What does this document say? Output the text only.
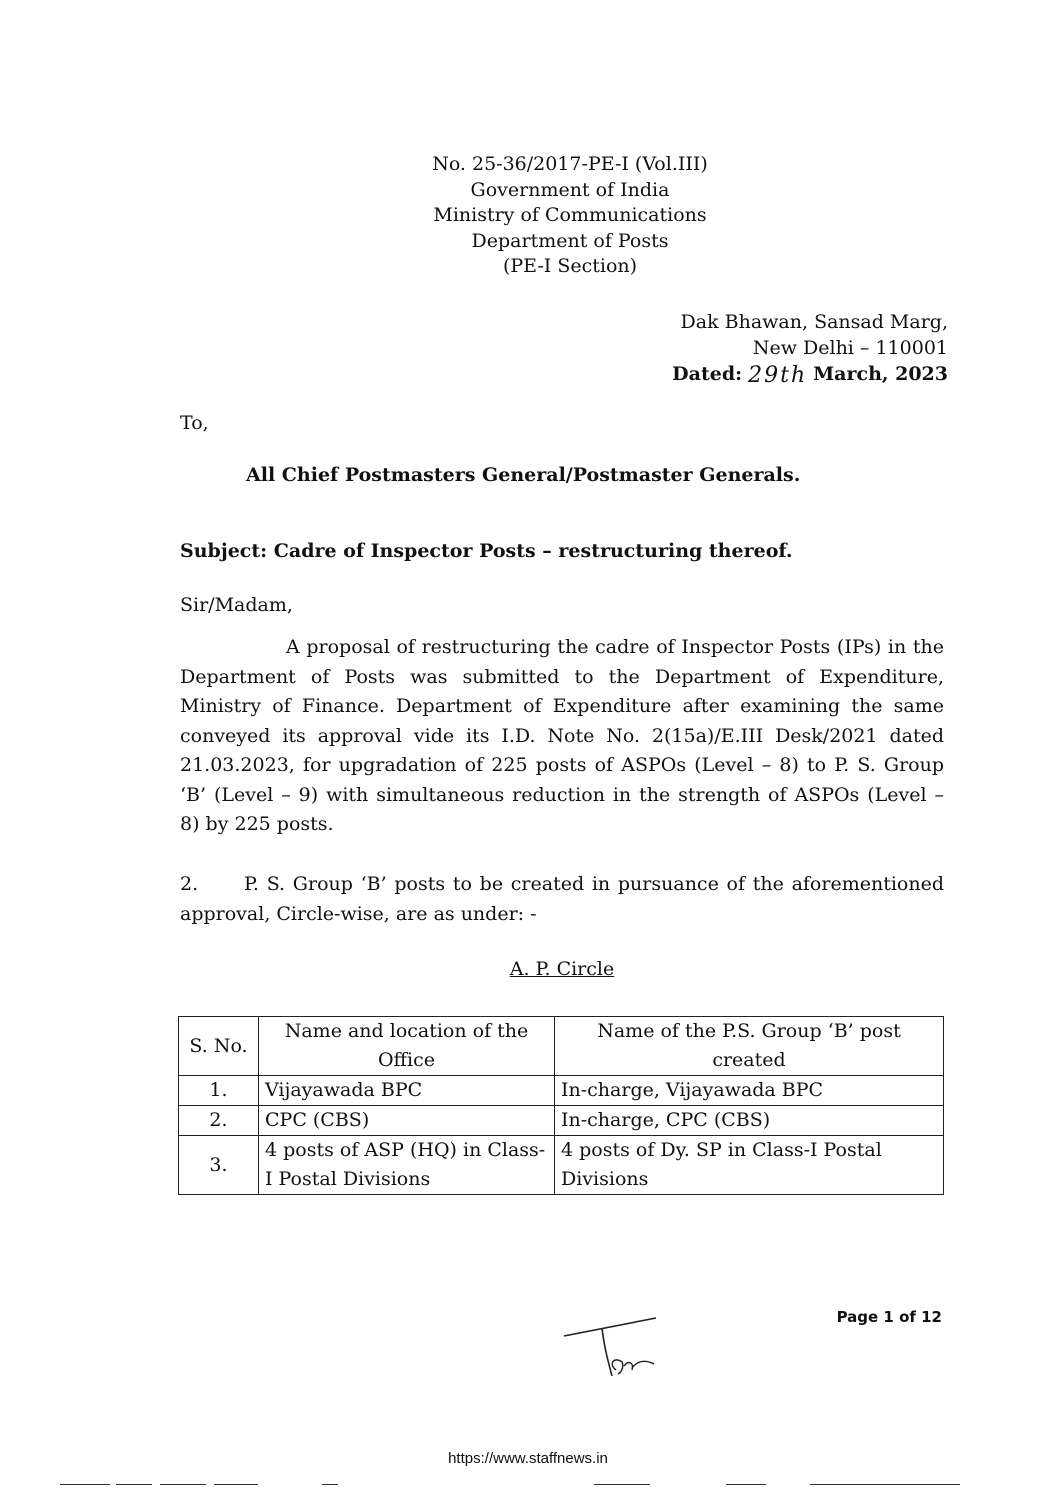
No. 25-36/2017-PE-I (Vol.III)
Government of India
Ministry of Communications
Department of Posts
(PE-I Section)
Dak Bhawan, Sansad Marg,
New Delhi – 110001
Dated: 29th March, 2023
To,
All Chief Postmasters General/Postmaster Generals.
Subject: Cadre of Inspector Posts – restructuring thereof.
Sir/Madam,
A proposal of restructuring the cadre of Inspector Posts (IPs) in the Department of Posts was submitted to the Department of Expenditure, Ministry of Finance. Department of Expenditure after examining the same conveyed its approval vide its I.D. Note No. 2(15a)/E.III Desk/2021 dated 21.03.2023, for upgradation of 225 posts of ASPOs (Level – 8) to P. S. Group ‘B’ (Level – 9) with simultaneous reduction in the strength of ASPOs (Level – 8) by 225 posts.
2. P. S. Group ‘B’ posts to be created in pursuance of the aforementioned approval, Circle-wise, are as under: -
A. P. Circle
S. No.	Name and location of the Office	Name of the P.S. Group ‘B’ post created
1.	Vijayawada BPC	In-charge, Vijayawada BPC
2.	CPC (CBS)	In-charge, CPC (CBS)
3.	4 posts of ASP (HQ) in Class-I Postal Divisions	4 posts of Dy. SP in Class-I Postal Divisions
Page 1 of 12
https://www.staffnews.in
